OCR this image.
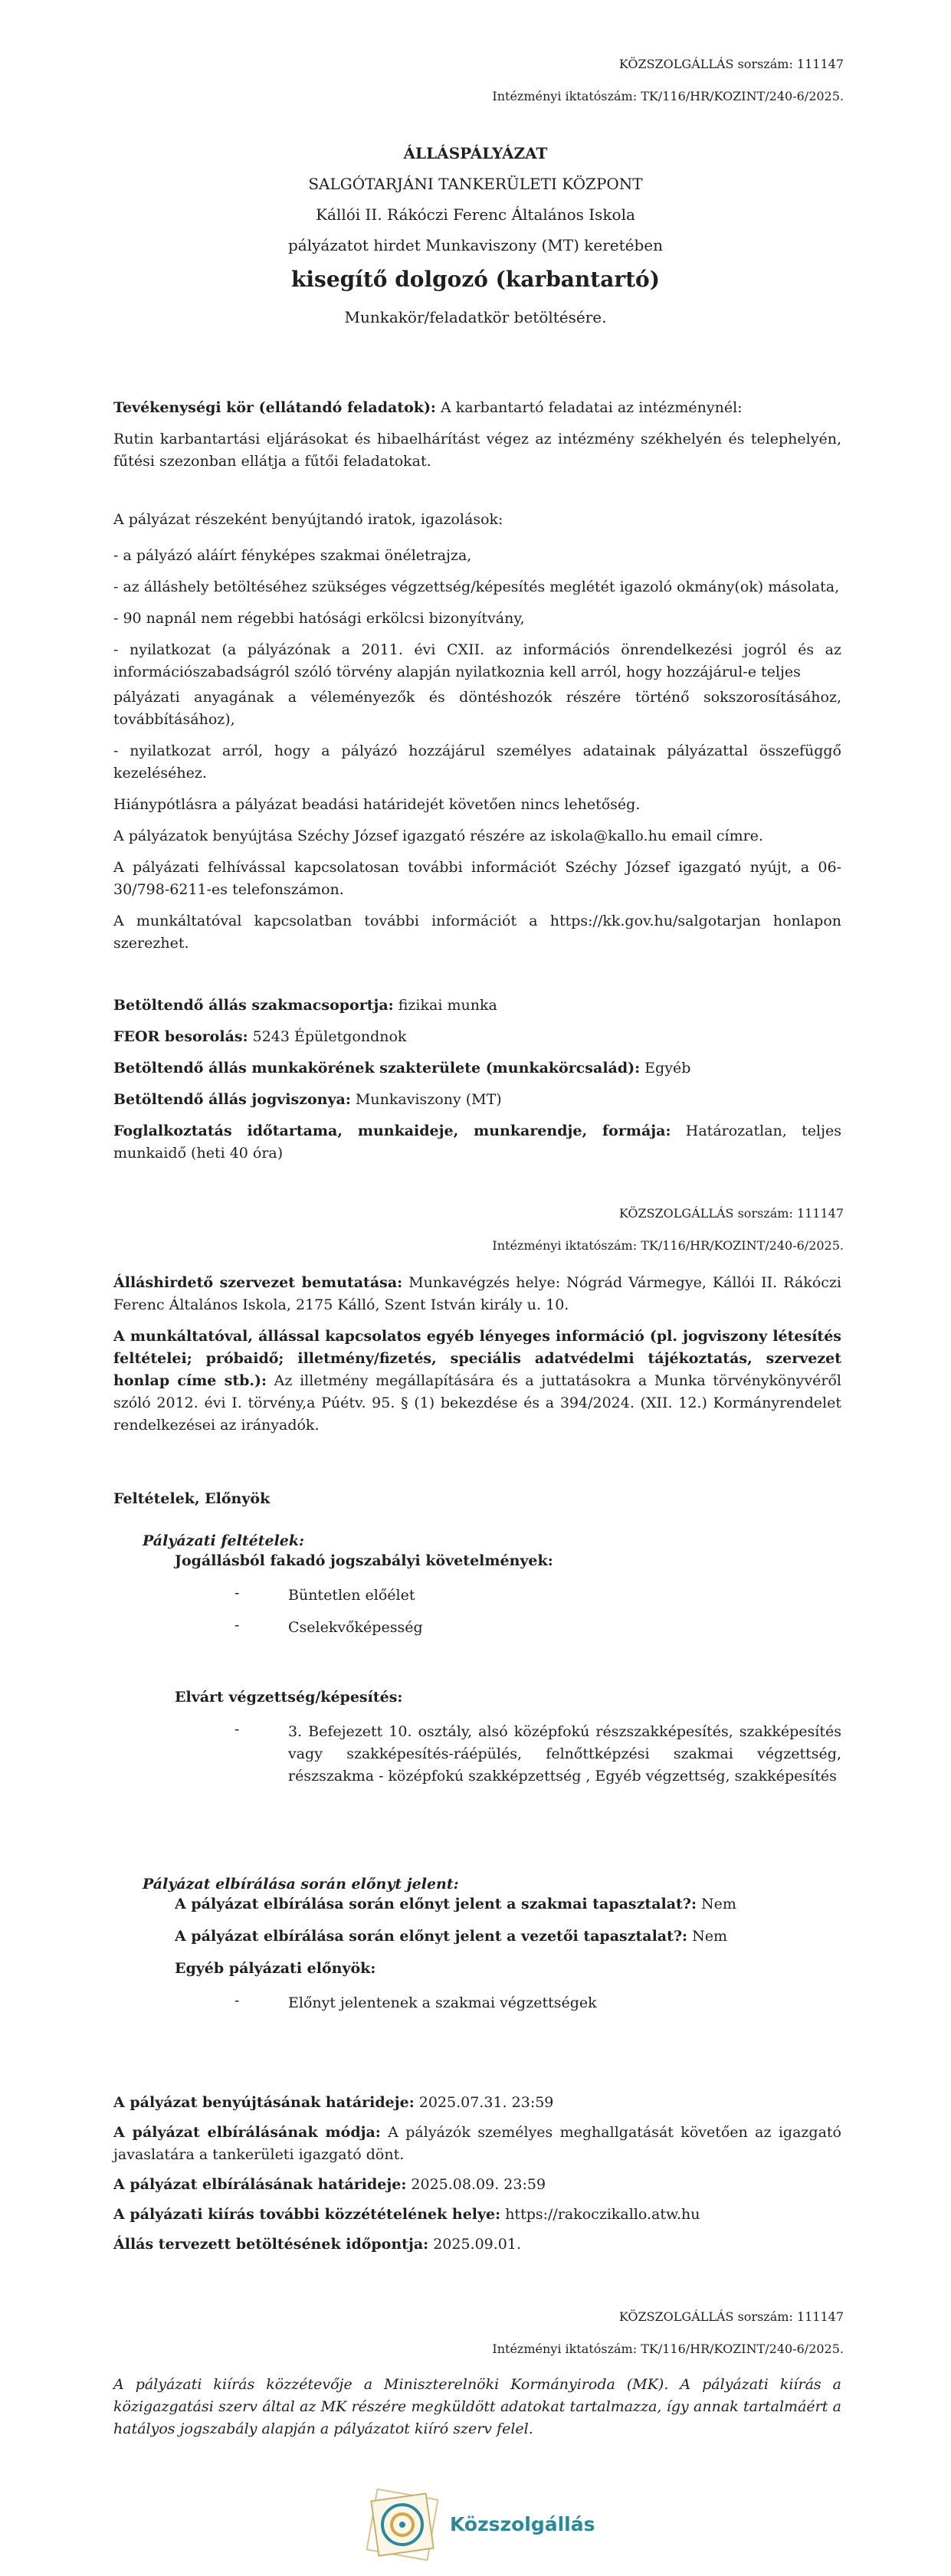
KÖZSZOLGÁLLÁS sorszám: 111147
Intézményi iktatószám: TK/116/HR/KOZINT/240-6/2025.
ÁLLÁSPÁLYÁZAT
SALGÓTARJÁNI TANKERÜLETI KÖZPONT
Kállói II. Rákóczi Ferenc Általános Iskola
pályázatot hirdet Munkaviszony (MT) keretében
kisegítő dolgozó (karbantartó)
Munkakör/feladatkör betöltésére.

Tevékenységi kör (ellátandó feladatok): A karbantartó feladatai az intézménynél:

Rutin karbantartási eljárásokat és hibaelhárítást végez az intézmény székhelyén és telephelyén, fűtési szezonban ellátja a fűtői feladatokat.

A pályázat részeként benyújtandó iratok, igazolások:

- a pályázó aláírt fényképes szakmai önéletrajza,

- az álláshely betöltéséhez szükséges végzettség/képesítés meglétét igazoló okmány(ok) másolata,

- 90 napnál nem régebbi hatósági erkölcsi bizonyítvány,

- nyilatkozat (a pályázónak a 2011. évi CXII. az információs önrendelkezési jogról és az információszabadságról szóló törvény alapján nyilatkoznia kell arról, hogy hozzájárul-e teljes

pályázati anyagának a véleményezők és döntéshozók részére történő sokszorosításához, továbbításához),

- nyilatkozat arról, hogy a pályázó hozzájárul személyes adatainak pályázattal összefüggő kezeléséhez.

Hiánypótlásra a pályázat beadási határidejét követően nincs lehetőség.

A pályázatok benyújtása Széchy József igazgató részére az iskola@kallo.hu email címre.

A pályázati felhívással kapcsolatosan további információt Széchy József igazgató nyújt, a 06-30/798-6211-es telefonszámon.

A munkáltatóval kapcsolatban további információt a https://kk.gov.hu/salgotarjan honlapon szerezhet.

Betöltendő állás szakmacsoportja: fizikai munka

FEOR besorolás: 5243 Épületgondnok

Betöltendő állás munkakörének szakterülete (munkakörcsalád): Egyéb

Betöltendő állás jogviszonya: Munkaviszony (MT)

Foglalkoztatás időtartama, munkaideje, munkarendje, formája: Határozatlan, teljes munkaidő (heti 40 óra)

KÖZSZOLGÁLLÁS sorszám: 111147
Intézményi iktatószám: TK/116/HR/KOZINT/240-6/2025.

Álláshirdető szervezet bemutatása: Munkavégzés helye: Nógrád Vármegye, Kállói II. Rákóczi Ferenc Általános Iskola, 2175 Kálló, Szent István király u. 10.

A munkáltatóval, állással kapcsolatos egyéb lényeges információ (pl. jogviszony létesítés feltételei; próbaidő; illetmény/fizetés, speciális adatvédelmi tájékoztatás, szervezet honlap címe stb.): Az illetmény megállapítására és a juttatásokra a Munka törvénykönyvéről szóló 2012. évi I. törvény,a Púétv. 95. § (1) bekezdése és a 394/2024. (XII. 12.) Kormányrendelet rendelkezései az irányadók.

Feltételek, Előnyök
Pályázati feltételek:
Jogállásból fakadó jogszabályi követelmények:
-	Büntetlen előélet
-	Cselekvőképesség
Elvárt végzettség/képesítés:
-	3. Befejezett 10. osztály, alsó középfokú részszakképesítés, szakképesítés vagy szakképesítés-ráépülés, felnőttképzési szakmai végzettség, részszakma - középfokú szakképzettség , Egyéb végzettség, szakképesítés
Pályázat elbírálása során előnyt jelent:
A pályázat elbírálása során előnyt jelent a szakmai tapasztalat?: Nem
A pályázat elbírálása során előnyt jelent a vezetői tapasztalat?: Nem
Egyéb pályázati előnyök:
-	Előnyt jelentenek a szakmai végzettségek

A pályázat benyújtásának határideje: 2025.07.31. 23:59

A pályázat elbírálásának módja: A pályázók személyes meghallgatását követően az igazgató javaslatára a tankerületi igazgató dönt.

A pályázat elbírálásának határideje: 2025.08.09. 23:59

A pályázati kiírás további közzétételének helye: https://rakoczikallo.atw.hu

Állás tervezett betöltésének időpontja: 2025.09.01.

KÖZSZOLGÁLLÁS sorszám: 111147
Intézményi iktatószám: TK/116/HR/KOZINT/240-6/2025.
A pályázati kiírás közzétevője a Miniszterelnöki Kormányiroda (MK). A pályázati kiírás a közigazgatási szerv által az MK részére megküldött adatokat tartalmazza, így annak tartalmáért a hatályos jogszabály alapján a pályázatot kiíró szerv felel.
Közszolgállás
